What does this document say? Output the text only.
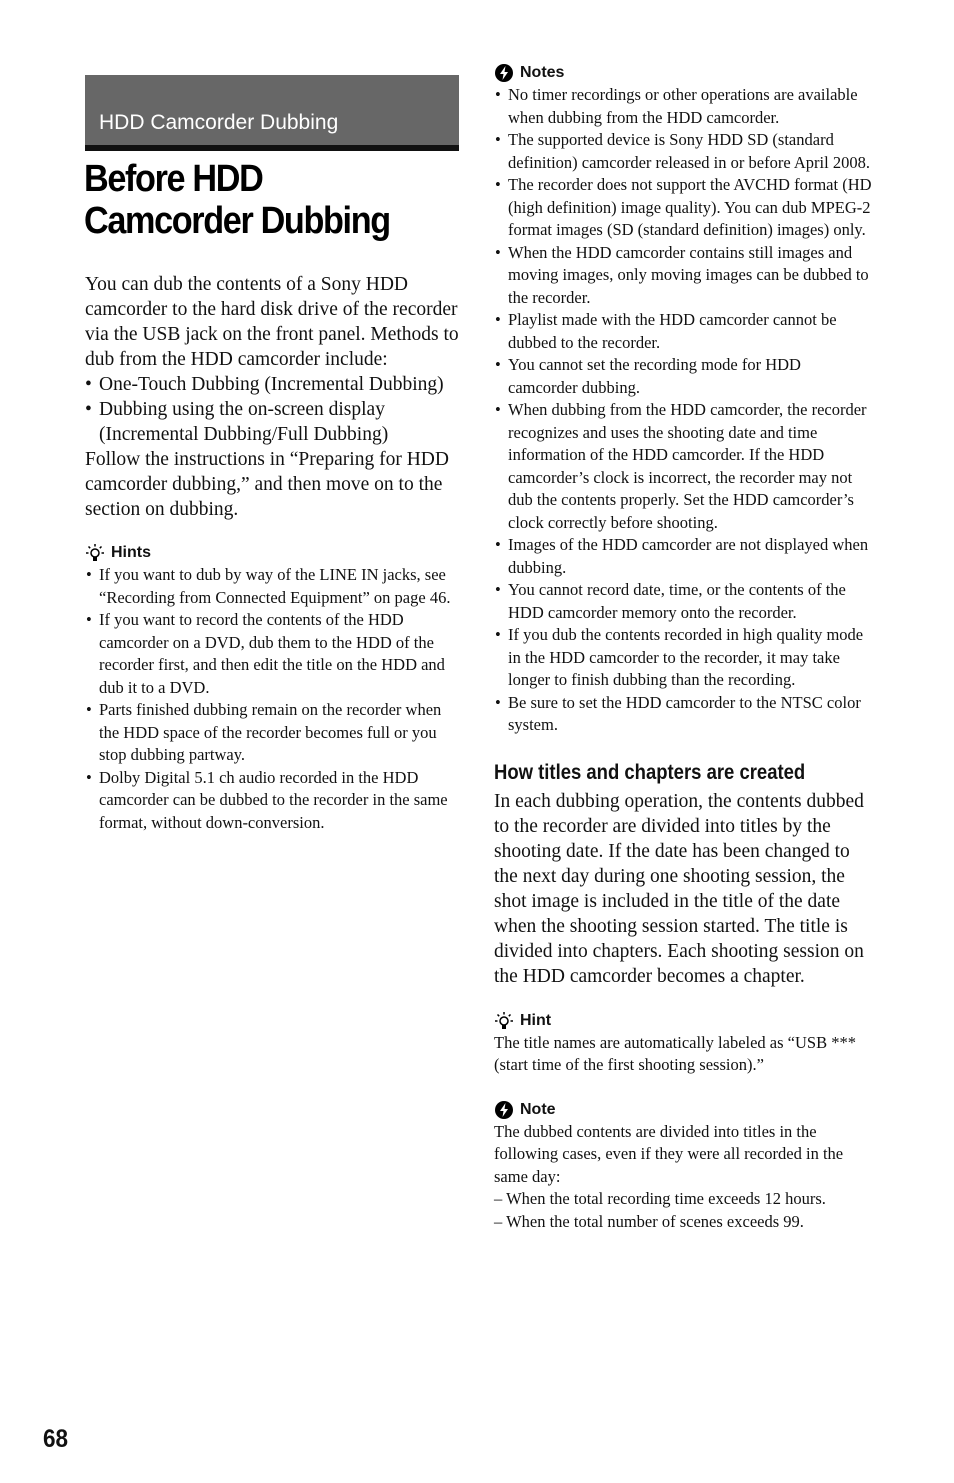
HDD Camcorder Dubbing
Before HDD Camcorder Dubbing

You can dub the contents of a Sony HDD camcorder to the hard disk drive of the recorder via the USB jack on the front panel. Methods to dub from the HDD camcorder include:

• One-Touch Dubbing (Incremental Dubbing)
• Dubbing using the on-screen display (Incremental Dubbing/Full Dubbing)

Follow the instructions in “Preparing for HDD camcorder dubbing,” and then move on to the section on dubbing.

Hints
• If you want to dub by way of the LINE IN jacks, see “Recording from Connected Equipment” on page 46.
• If you want to record the contents of the HDD camcorder on a DVD, dub them to the HDD of the recorder first, and then edit the title on the HDD and dub it to a DVD.
• Parts finished dubbing remain on the recorder when the HDD space of the recorder becomes full or you stop dubbing partway.
• Dolby Digital 5.1 ch audio recorded in the HDD camcorder can be dubbed to the recorder in the same format, without down-conversion.
Notes
• No timer recordings or other operations are available when dubbing from the HDD camcorder.
• The supported device is Sony HDD SD (standard definition) camcorder released in or before April 2008.
• The recorder does not support the AVCHD format (HD (high definition) image quality). You can dub MPEG-2 format images (SD (standard definition) images) only.
• When the HDD camcorder contains still images and moving images, only moving images can be dubbed to the recorder.
• Playlist made with the HDD camcorder cannot be dubbed to the recorder.
• You cannot set the recording mode for HDD camcorder dubbing.
• When dubbing from the HDD camcorder, the recorder recognizes and uses the shooting date and time information of the HDD camcorder. If the HDD camcorder’s clock is incorrect, the recorder may not dub the contents properly. Set the HDD camcorder’s clock correctly before shooting.
• Images of the HDD camcorder are not displayed when dubbing.
• You cannot record date, time, or the contents of the HDD camcorder memory onto the recorder.
• If you dub the contents recorded in high quality mode in the HDD camcorder to the recorder, it may take longer to finish dubbing than the recording.
• Be sure to set the HDD camcorder to the NTSC color system.
How titles and chapters are created

In each dubbing operation, the contents dubbed to the recorder are divided into titles by the shooting date. If the date has been changed to the next day during one shooting session, the shot image is included in the title of the date when the shooting session started. The title is divided into chapters. Each shooting session on the HDD camcorder becomes a chapter.

Hint

The title names are automatically labeled as “USB *** (start time of the first shooting session).”

Note

The dubbed contents are divided into titles in the following cases, even if they were all recorded in the same day:

– When the total recording time exceeds 12 hours.

– When the total number of scenes exceeds 99.

68
